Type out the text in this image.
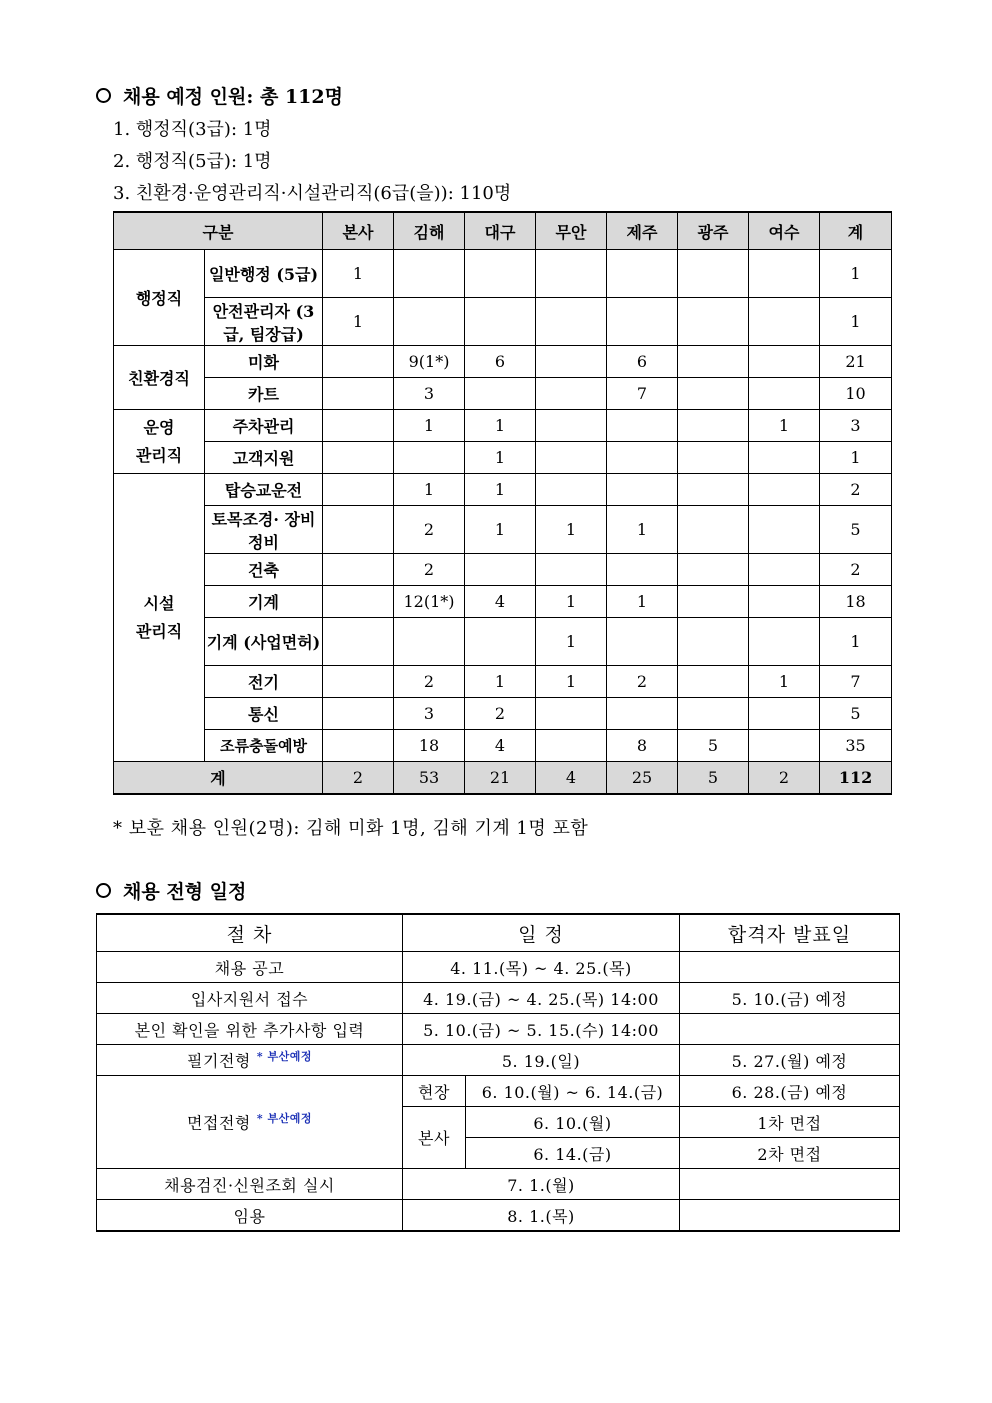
채용 예정 인원: 총 112명
1. 행정직(3급): 1명
2. 행정직(5급): 1명
3. 친환경·운영관리직·시설관리직(6급(을)): 110명
구분		본사	김해	대구	무안	제주	광주	여수	계
행정직	일반행정 (5급)	1							1
	안전관리자 (3급, 팀장급)	1							1
친환경직	미화		9(1*)	6		6			21
	카트		3			7			10
운영 관리직	주차관리		1	1				1	3
	고객지원			1					1
시설 관리직	탑승교운전		1	1					2
	토목조경· 장비정비		2	1	1	1			5
	건축		2						2
	기계		12(1*)	4	1	1			18
	기계 (사업면허)				1				1
	전기		2	1	1	2		1	7
	통신		3	2					5
	조류충돌예방		18	4		8	5		35
계		2	53	21	4	25	5	2	112
* 보훈 채용 인원(2명): 김해 미화 1명, 김해 기계 1명 포함
채용 전형 일정
절 차	일 정		합격자 발표일
채용 공고	4. 11.(목) ~ 4. 25.(목)		
입사지원서 접수	4. 19.(금) ~ 4. 25.(목) 14:00		5. 10.(금) 예정
본인 확인을 위한 추가사항 입력	5. 10.(금) ~ 5. 15.(수) 14:00		
필기전형 $^{* 부산예정}$	5. 19.(일)		5. 27.(월) 예정
면접전형 $^{* 부산예정}$	현장	6. 10.(월) ~ 6. 14.(금)	6. 28.(금) 예정
	본사	6. 10.(월)	1차 면접
		6. 14.(금)	2차 면접
채용검진·신원조회 실시	7. 1.(월)		
임용	8. 1.(목)		
